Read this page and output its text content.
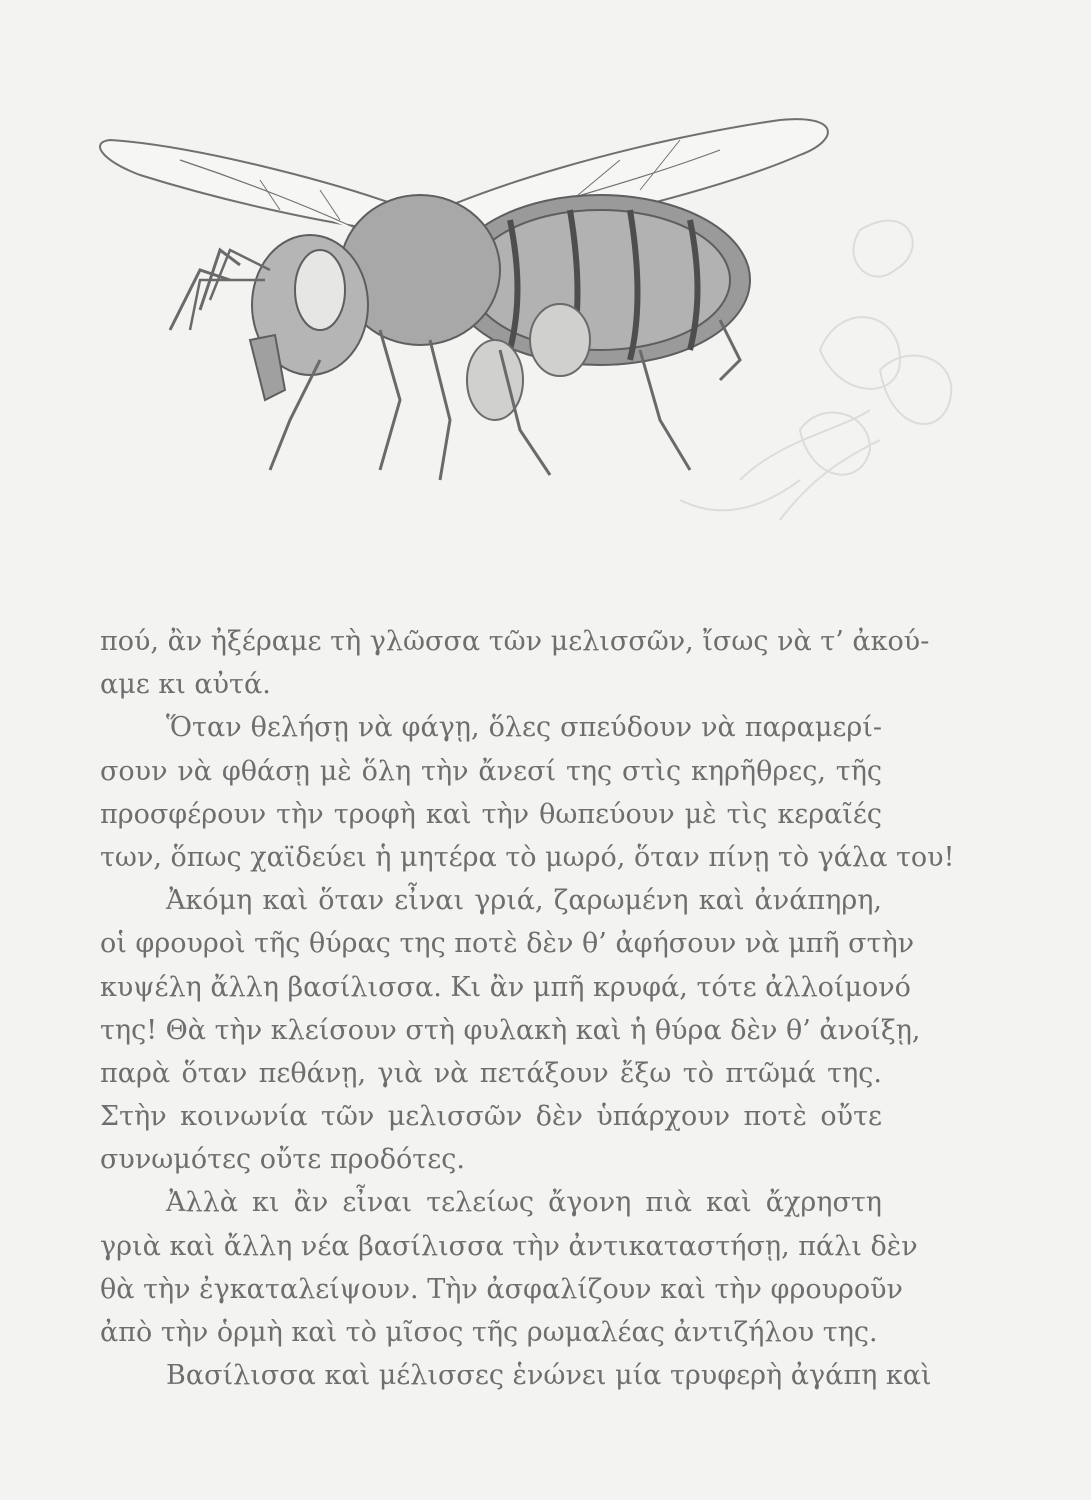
πού, ἂν ἠξέραμε τὴ γλῶσσα τῶν μελισσῶν, ἴσως νὰ τ’ ἀκού-
αμε κι αὐτά.
Ὅταν θελήσῃ νὰ φάγῃ, ὅλες σπεύδουν νὰ παραμερί-
σουν νὰ φθάσῃ μὲ ὅλη τὴν ἄνεσί της στὶς κηρῆθρες, τῆς
προσφέρουν τὴν τροφὴ καὶ τὴν θωπεύουν μὲ τὶς κεραῖές
των, ὅπως χαϊδεύει ἡ μητέρα τὸ μωρό, ὅταν πίνῃ τὸ γάλα του!
Ἀκόμη καὶ ὅταν εἶναι γριά, ζαρωμένη καὶ ἀνάπηρη,
οἱ φρουροὶ τῆς θύρας της ποτὲ δὲν θ’ ἀφήσουν νὰ μπῆ στὴν
κυψέλη ἄλλη βασίλισσα. Κι ἂν μπῆ κρυφά, τότε ἀλλοίμονό
της! Θὰ τὴν κλείσουν στὴ φυλακὴ καὶ ἡ θύρα δὲν θ’ ἀνοίξῃ,
παρὰ ὅταν πεθάνῃ, γιὰ νὰ πετάξουν ἔξω τὸ πτῶμά της.
Στὴν κοινωνία τῶν μελισσῶν δὲν ὑπάρχουν ποτὲ οὔτε
συνωμότες οὔτε προδότες.
Ἀλλὰ κι ἂν εἶναι τελείως ἄγονη πιὰ καὶ ἄχρηστη
γριὰ καὶ ἄλλη νέα βασίλισσα τὴν ἀντικαταστήσῃ, πάλι δὲν
θὰ τὴν ἐγκαταλείψουν. Τὴν ἀσφαλίζουν καὶ τὴν φρουροῦν
ἀπὸ τὴν ὁρμὴ καὶ τὸ μῖσος τῆς ρωμαλέας ἀντιζήλου της.
Βασίλισσα καὶ μέλισσες ἑνώνει μία τρυφερὴ ἀγάπη καὶ
